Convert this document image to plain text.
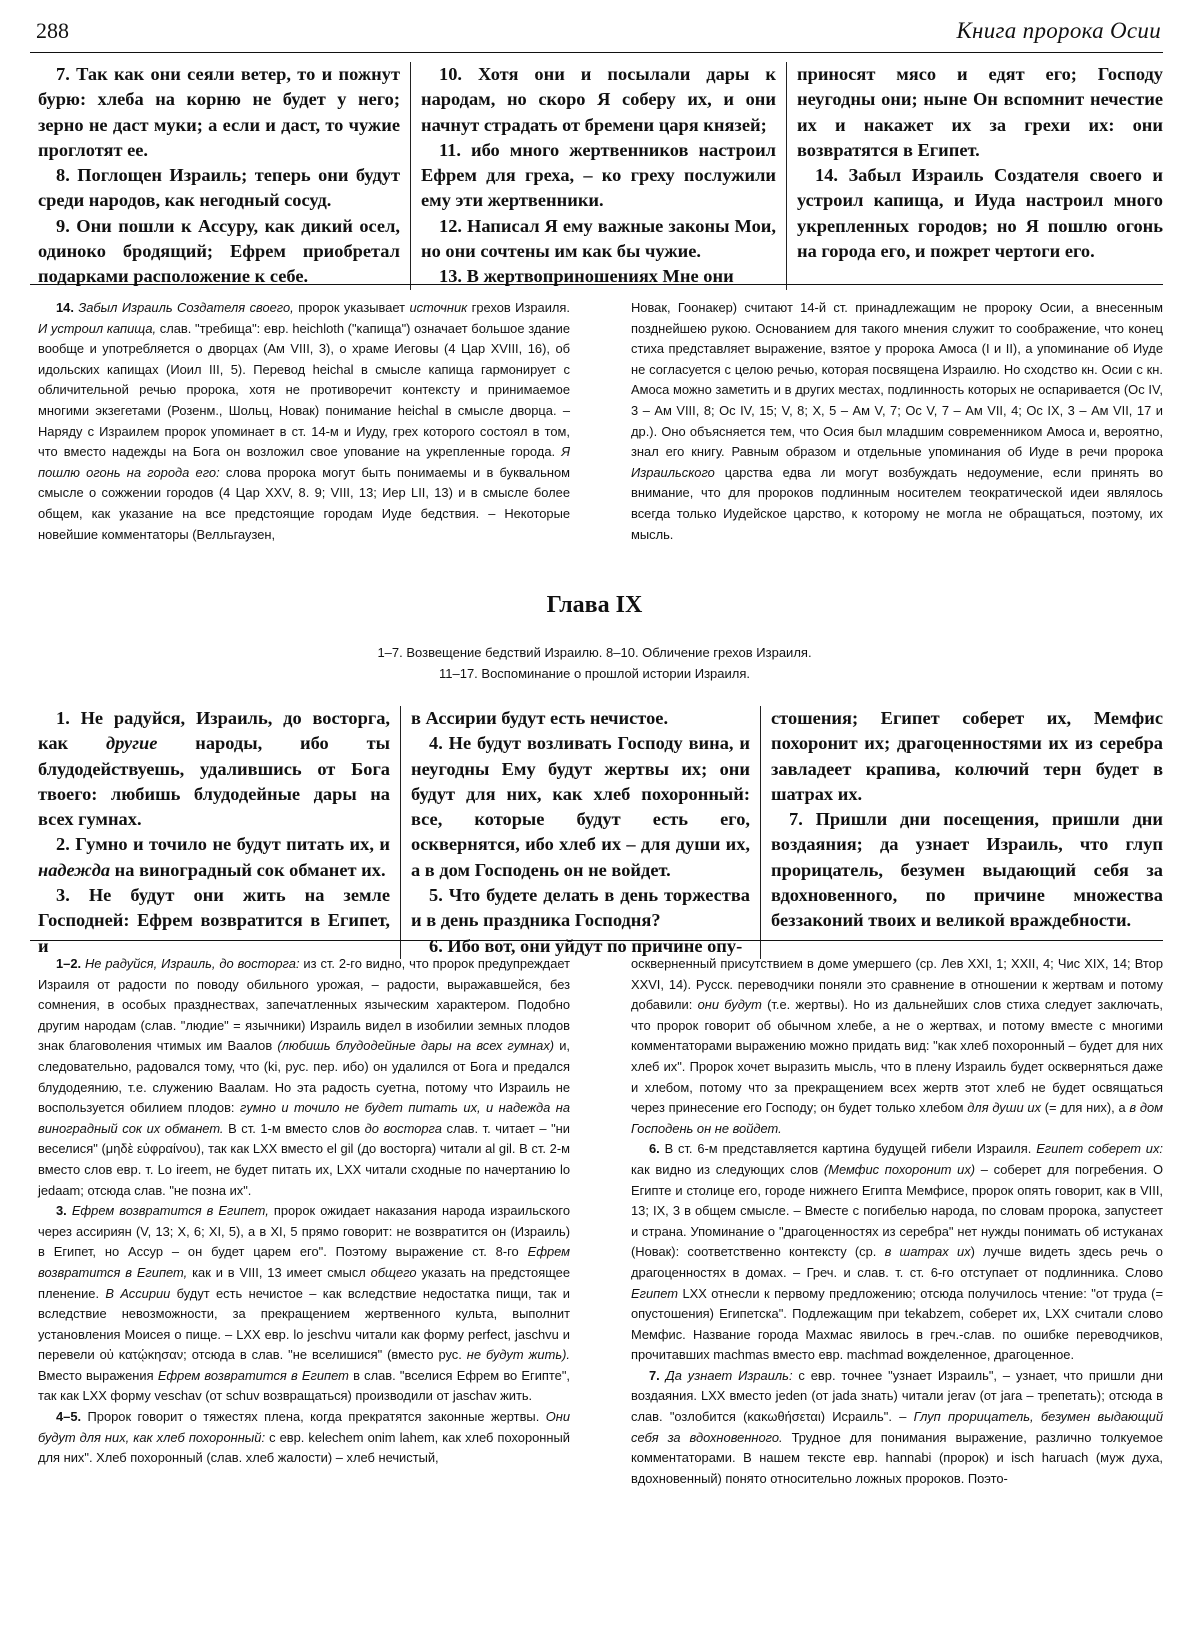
288	Книга пророка Осии

7. Так как они сеяли ветер, то и пожнут бурю: хлеба на корню не будет у него; зерно не даст муки; а если и даст, то чужие проглотят ее.

8. Поглощен Израиль; теперь они будут среди народов, как негодный сосуд.

9. Они пошли к Ассуру, как дикий осел, одиноко бродящий; Ефрем приобретал подарками расположение к себе.

10. Хотя они и посылали дары к народам, но скоро Я соберу их, и они начнут страдать от бремени царя князей;

11. ибо много жертвенников настроил Ефрем для греха, – ко греху послужили ему эти жертвенники.

12. Написал Я ему важные законы Мои, но они сочтены им как бы чужие.

13. В жертвоприношениях Мне они

приносят мясо и едят его; Господу неугодны они; ныне Он вспомнит нечестие их и накажет их за грехи их: они возвратятся в Египет.

14. Забыл Израиль Создателя своего и устроил капища, и Иуда настроил много укрепленных городов; но Я пошлю огонь на города его, и пожрет чертоги его.

14. Забыл Израиль Создателя своего, пророк указывает источник грехов Израиля. И устроил капища, слав. "требища": евр. heichloth ("капища") означает большое здание вообще и употребляется о дворцах (Ам VIII, 3), о храме Иеговы (4 Цар XVIII, 16), об идольских капищах (Иоил III, 5). Перевод heichal в смысле капища гармонирует с обличительной речью пророка, хотя не противоречит контексту и принимаемое многими экзегетами (Розенм., Шольц, Новак) понимание heichal в смысле дворца. – Наряду с Израилем пророк упоминает в ст. 14-м и Иуду, грех которого состоял в том, что вместо надежды на Бога он возложил свое упование на укрепленные города. Я пошлю огонь на города его: слова пророка могут быть понимаемы и в буквальном смысле о сожжении городов (4 Цар XXV, 8. 9; VIII, 13; Иер LII, 13) и в смысле более общем, как указание на все предстоящие городам Иуде бедствия. – Некоторые новейшие комментаторы (Велльгаузен,

Новак, Гоонакер) считают 14-й ст. принадлежащим не пророку Осии, а внесенным позднейшею рукою. Основанием для такого мнения служит то соображение, что конец стиха представляет выражение, взятое у пророка Амоса (I и II), а упоминание об Иуде не согласуется с целою речью, которая посвящена Израилю. Но сходство кн. Осии с кн. Амоса можно заметить и в других местах, подлинность которых не оспаривается (Ос IV, 3 – Ам VIII, 8; Ос IV, 15; V, 8; X, 5 – Ам V, 7; Ос V, 7 – Ам VII, 4; Ос IX, 3 – Ам VII, 17 и др.). Оно объясняется тем, что Осия был младшим современником Амоса и, вероятно, знал его книгу. Равным образом и отдельные упоминания об Иуде в речи пророка Израильского царства едва ли могут возбуждать недоумение, если принять во внимание, что для пророков подлинным носителем теократической идеи являлось всегда только Иудейское царство, к которому не могла не обращаться, поэтому, их мысль.

Глава IX
1–7. Возвещение бедствий Израилю. 8–10. Обличение грехов Израиля.
11–17. Воспоминание о прошлой истории Израиля.

1. Не радуйся, Израиль, до восторга, как другие народы, ибо ты блудодействуешь, удалившись от Бога твоего: любишь блудодейные дары на всех гумнах.

2. Гумно и точило не будут питать их, и надежда на виноградный сок обманет их.

3. Не будут они жить на земле Господней: Ефрем возвратится в Египет, и

в Ассирии будут есть нечистое.

4. Не будут возливать Господу вина, и неугодны Ему будут жертвы их; они будут для них, как хлеб похоронный: все, которые будут есть его, осквернятся, ибо хлеб их – для души их, а в дом Господень он не войдет.

5. Что будете делать в день торжества и в день праздника Господня?

6. Ибо вот, они уйдут по причине опу-

стошения; Египет соберет их, Мемфис похоронит их; драгоценностями их из серебра завладеет крапива, колючий терн будет в шатрах их.

7. Пришли дни посещения, пришли дни воздаяния; да узнает Израиль, что глуп прорицатель, безумен выдающий себя за вдохновенного, по причине множества беззаконий твоих и великой враждебности.

1–2. Не радуйся, Израиль, до восторга: из ст. 2-го видно, что пророк предупреждает Израиля от радости по поводу обильного урожая, – радости, выражавшейся, без сомнения, в особых празднествах, запечатленных языческим характером. Подобно другим народам (слав. "людие" = язычники) Израиль видел в изобилии земных плодов знак благоволения чтимых им Ваалов (любишь блудодейные дары на всех гумнах) и, следовательно, радовался тому, что (ki, рус. пер. ибо) он удалился от Бога и предался блудодеянию, т.е. служению Ваалам. Но эта радость суетна, потому что Израиль не воспользуется обилием плодов: гумно и точило не будет питать их, и надежда на виноградный сок их обманет. В ст. 1-м вместо слов до восторга слав. т. читает – "ни веселися" (μηδὲ εὐφραίνου), так как LXX вместо el gil (до восторга) читали al gil. В ст. 2-м вместо слов евр. т. Lo ireem, не будет питать их, LXX читали сходные по начертанию lo jedaam; отсюда слав. "не позна их".

3. Ефрем возвратится в Египет, пророк ожидает наказания народа израильского через ассириян (V, 13; X, 6; XI, 5), а в XI, 5 прямо говорит: не возвратится он (Израиль) в Египет, но Ассур – он будет царем его". Поэтому выражение ст. 8-го Ефрем возвратится в Египет, как и в VIII, 13 имеет смысл общего указать на предстоящее пленение. В Ассирии будут есть нечистое – как вследствие недостатка пищи, так и вследствие невозможности, за прекращением жертвенного культа, выполнит установления Моисея о пище. – LXX евр. lo jeschvu читали как форму perfect, jaschvu и перевели οὐ κατῴκησαν; отсюда в слав. "не вселишися" (вместо рус. не будут жить). Вместо выражения Ефрем возвратится в Египет в слав. "вселися Ефрем во Египте", так как LXX форму veschav (от schuv возвращаться) производили от jaschav жить.

4–5. Пророк говорит о тяжестях плена, когда прекратятся законные жертвы. Они будут для них, как хлеб похоронный: с евр. kelechem onim lahem, как хлеб похоронный для них". Хлеб похоронный (слав. хлеб жалости) – хлеб нечистый,

оскверненный присутствием в доме умершего (ср. Лев XXI, 1; XXII, 4; Чис XIX, 14; Втор XXVI, 14). Русск. переводчики поняли это сравнение в отношении к жертвам и потому добавили: они будут (т.е. жертвы). Но из дальнейших слов стиха следует заключать, что пророк говорит об обычном хлебе, а не о жертвах, и потому вместе с многими комментаторами выражению можно придать вид: "как хлеб похоронный – будет для них хлеб их". Пророк хочет выразить мысль, что в плену Израиль будет оскверняться даже и хлебом, потому что за прекращением всех жертв этот хлеб не будет освящаться через принесение его Господу; он будет только хлебом для души их (= для них), а в дом Господень он не войдет.

6. В ст. 6-м представляется картина будущей гибели Израиля. Египет соберет их: как видно из следующих слов (Мемфис похоронит их) – соберет для погребения. О Египте и столице его, городе нижнего Египта Мемфисе, пророк опять говорит, как в VIII, 13; IX, 3 в общем смысле. – Вместе с погибелью народа, по словам пророка, запустеет и страна. Упоминание о "драгоценностях из серебра" нет нужды понимать об истуканах (Новак): соответственно контексту (ср. в шатрах их) лучше видеть здесь речь о драгоценностях в домах. – Греч. и слав. т. ст. 6-го отступает от подлинника. Слово Египет LXX отнесли к первому предложению; отсюда получилось чтение: "от труда (= опустошения) Египетска". Подлежащим при tekabzem, соберет их, LXX считали слово Мемфис. Название города Махмас явилось в греч.-слав. по ошибке переводчиков, прочитавших machmas вместо евр. machmad вожделенное, драгоценное.

7. Да узнает Израиль: с евр. точнее "узнает Израиль", – узнает, что пришли дни воздаяния. LXX вместо jeden (от jada знать) читали jerav (от jara – трепетать); отсюда в слав. "озлобится (κακωθήσεται) Исраиль". – Глуп прорицатель, безумен выдающий себя за вдохновенного. Трудное для понимания выражение, различно толкуемое комментаторами. В нашем тексте евр. hannabi (пророк) и isch haruach (муж духа, вдохновенный) понято относительно ложных пророков. Поэто-
